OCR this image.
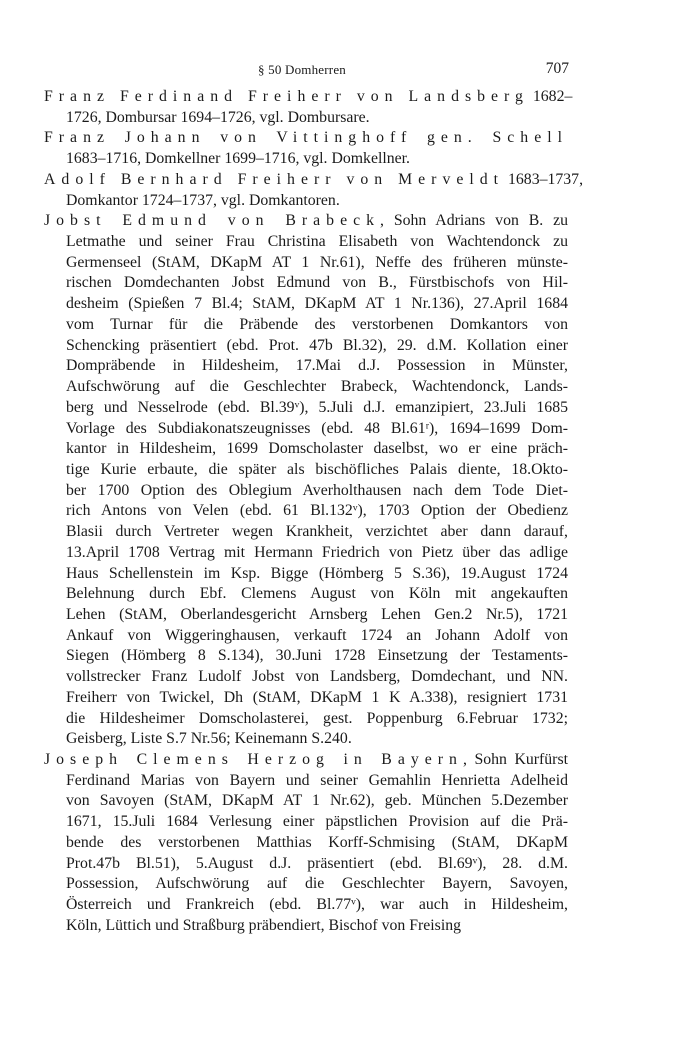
§ 50 Domherren	707
Franz Ferdinand Freiherr von Landsberg 1682–
1726, Dombursar 1694–1726, vgl. Dombursare.
Franz Johann von Vittinghoff gen. Schell
1683–1716, Domkellner 1699–1716, vgl. Domkellner.
Adolf Bernhard Freiherr von Merveldt 1683–1737,
Domkantor 1724–1737, vgl. Domkantoren.
Jobst Edmund von Brabeck, Sohn Adrians von B. zu
Letmathe und seiner Frau Christina Elisabeth von Wachtendonck zu
Germenseel (StAM, DKapM AT 1 Nr.61), Neffe des früheren münste-
rischen Domdechanten Jobst Edmund von B., Fürstbischofs von Hil-
desheim (Spießen 7 Bl.4; StAM, DKapM AT 1 Nr.136), 27.April 1684
vom Turnar für die Präbende des verstorbenen Domkantors von
Schencking präsentiert (ebd. Prot. 47b Bl.32), 29. d.M. Kollation einer
Dompräbende in Hildesheim, 17.Mai d.J. Possession in Münster,
Aufschwörung auf die Geschlechter Brabeck, Wachtendonck, Lands-
berg und Nesselrode (ebd. Bl.39ᵛ), 5.Juli d.J. emanzipiert, 23.Juli 1685
Vorlage des Subdiakonatszeugnisses (ebd. 48 Bl.61ʳ), 1694–1699 Dom-
kantor in Hildesheim, 1699 Domscholaster daselbst, wo er eine präch-
tige Kurie erbaute, die später als bischöfliches Palais diente, 18.Okto-
ber 1700 Option des Oblegium Averholthausen nach dem Tode Diet-
rich Antons von Velen (ebd. 61 Bl.132ᵛ), 1703 Option der Obedienz
Blasii durch Vertreter wegen Krankheit, verzichtet aber dann darauf,
13.April 1708 Vertrag mit Hermann Friedrich von Pietz über das adlige
Haus Schellenstein im Ksp. Bigge (Hömberg 5 S.36), 19.August 1724
Belehnung durch Ebf. Clemens August von Köln mit angekauften
Lehen (StAM, Oberlandesgericht Arnsberg Lehen Gen.2 Nr.5), 1721
Ankauf von Wiggeringhausen, verkauft 1724 an Johann Adolf von
Siegen (Hömberg 8 S.134), 30.Juni 1728 Einsetzung der Testaments-
vollstrecker Franz Ludolf Jobst von Landsberg, Domdechant, und NN.
Freiherr von Twickel, Dh (StAM, DKapM 1 K A.338), resigniert 1731
die Hildesheimer Domscholasterei, gest. Poppenburg 6.Februar 1732;
Geisberg, Liste S.7 Nr.56; Keinemann S.240.
Joseph Clemens Herzog in Bayern, Sohn Kurfürst
Ferdinand Marias von Bayern und seiner Gemahlin Henrietta Adelheid
von Savoyen (StAM, DKapM AT 1 Nr.62), geb. München 5.Dezember
1671, 15.Juli 1684 Verlesung einer päpstlichen Provision auf die Prä-
bende des verstorbenen Matthias Korff-Schmising (StAM, DKapM
Prot.47b Bl.51), 5.August d.J. präsentiert (ebd. Bl.69ᵛ), 28. d.M.
Possession, Aufschwörung auf die Geschlechter Bayern, Savoyen,
Österreich und Frankreich (ebd. Bl.77ᵛ), war auch in Hildesheim,
Köln, Lüttich und Straßburg präbendiert, Bischof von Freising
